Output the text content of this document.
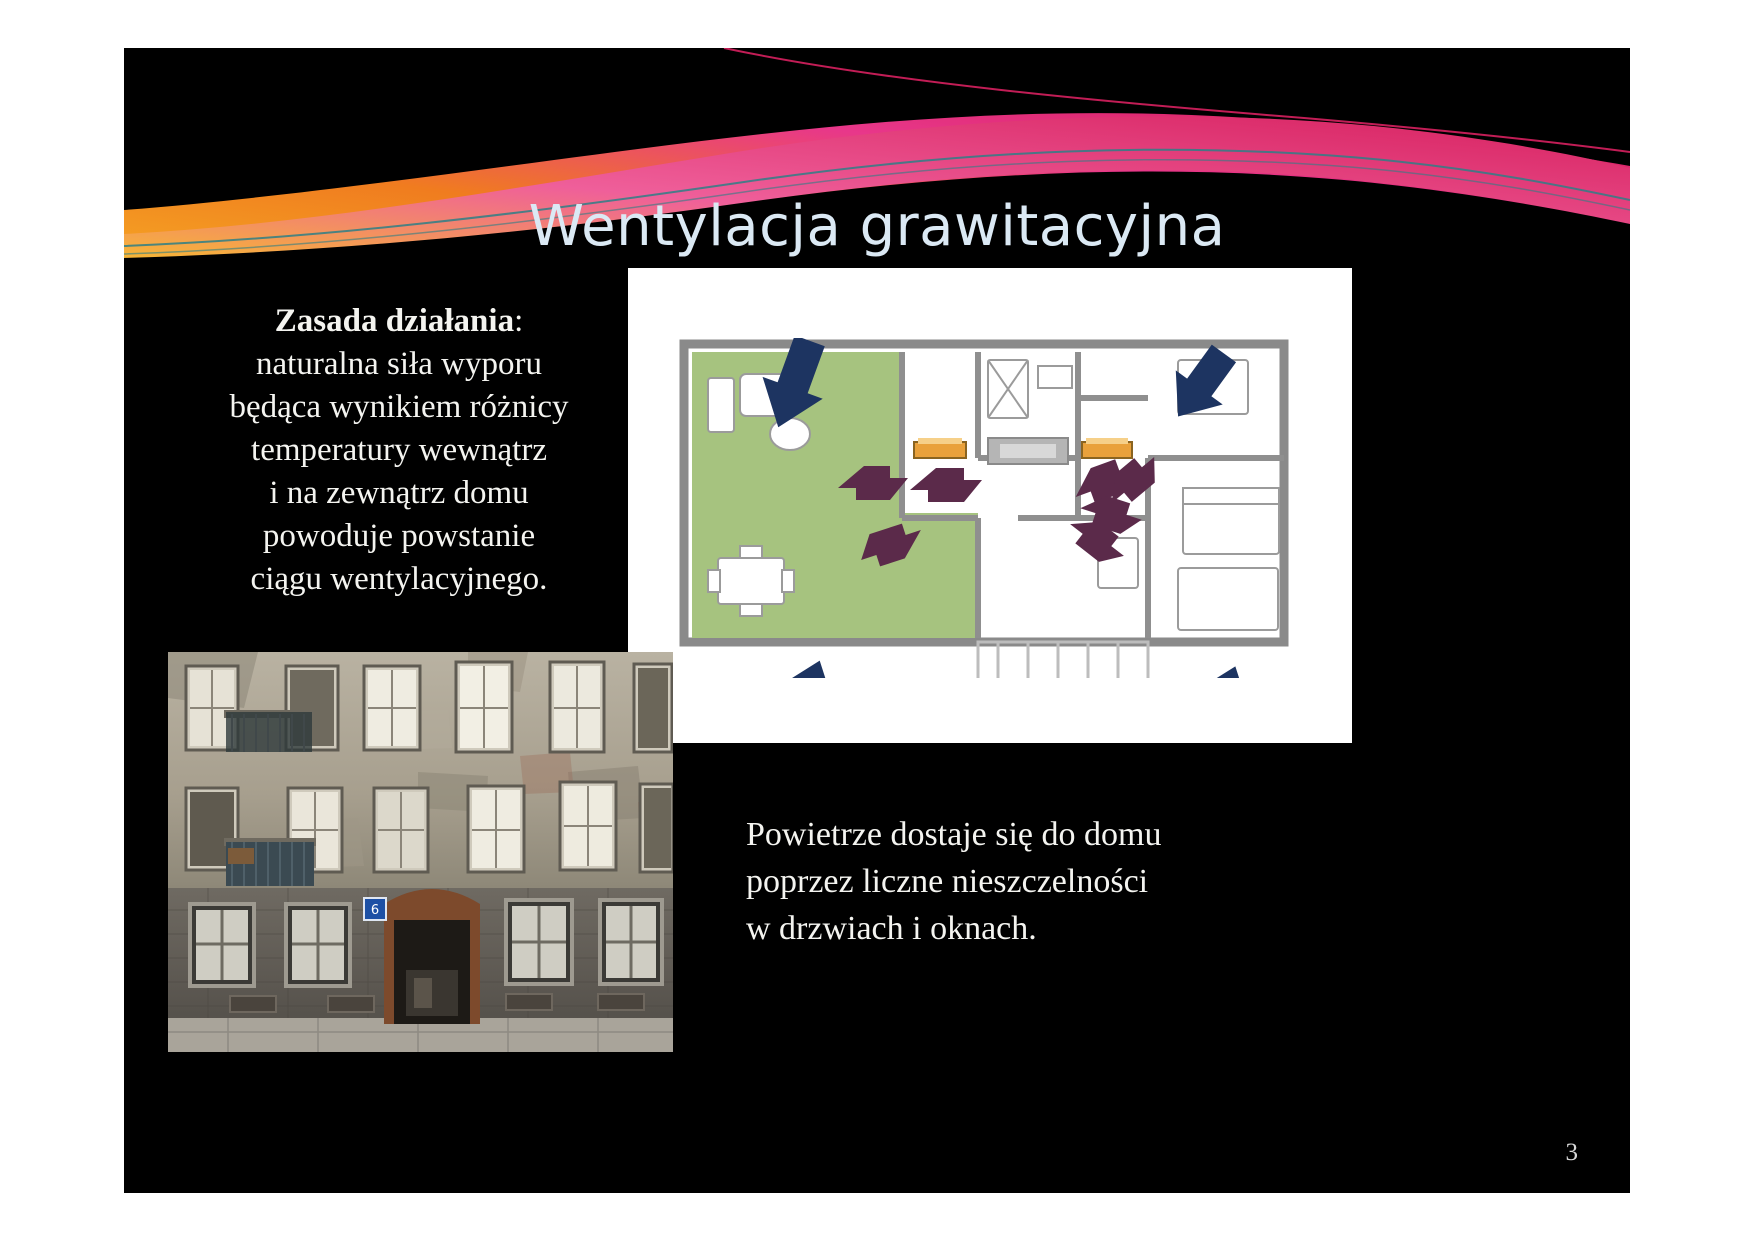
Wentylacja grawitacyjna
Zasada działania:
naturalna siła wyporu
będąca wynikiem różnicy
temperatury wewnątrz
i na zewnątrz domu
powoduje powstanie
ciągu wentylacyjnego.
Powietrze dostaje się do domu
poprzez liczne nieszczelności
w drzwiach i oknach.
6
3
